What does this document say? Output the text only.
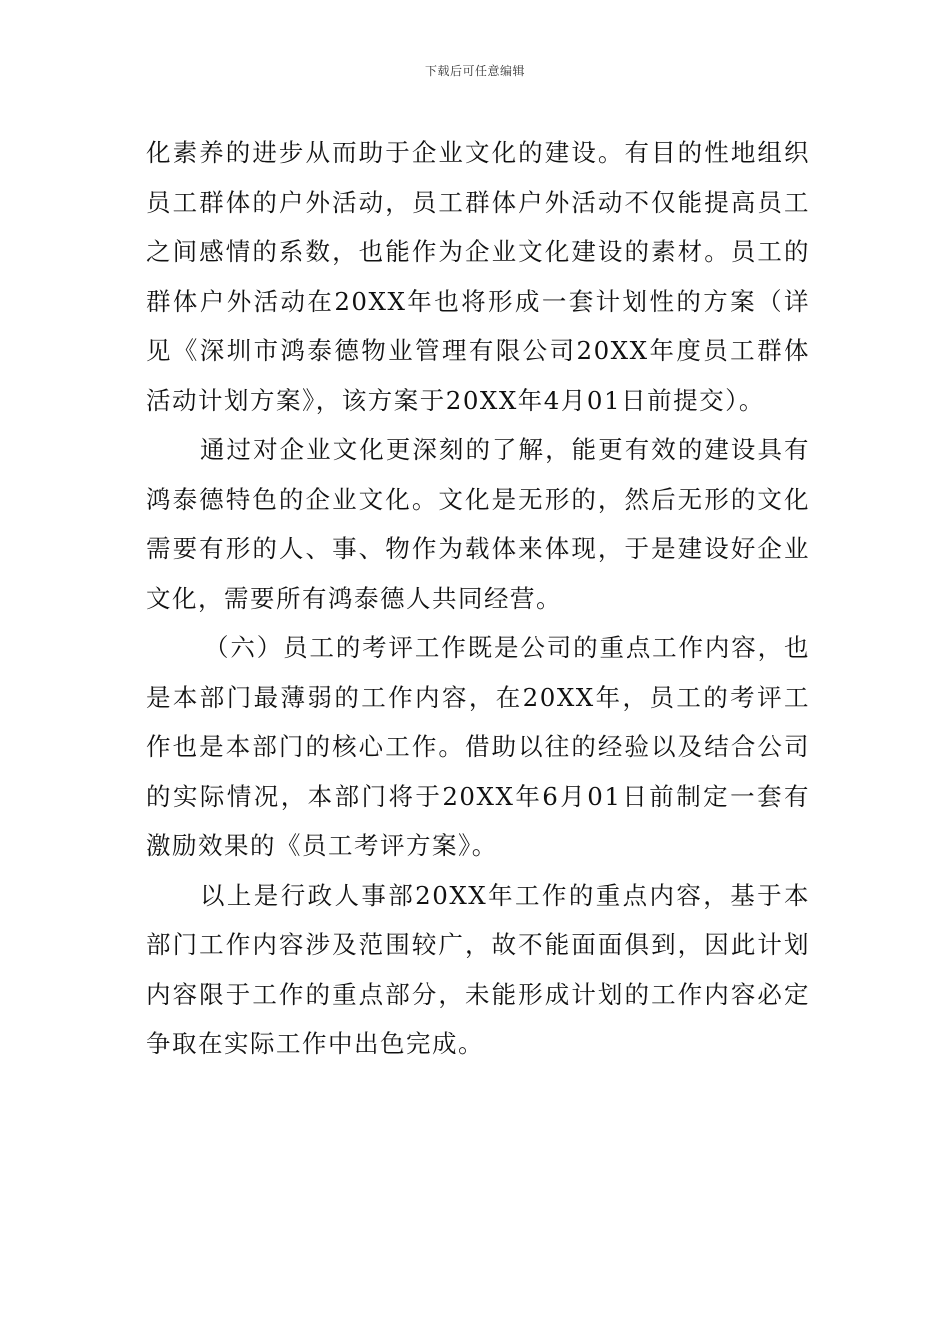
下载后可任意编辑

化素养的进步从而助于企业文化的建设。有目的性地组织员工群体的户外活动，员工群体户外活动不仅能提高员工之间感情的系数，也能作为企业文化建设的素材。员工的群体户外活动在20XX年也将形成一套计划性的方案（详见《深圳市鸿泰德物业管理有限公司20XX年度员工群体活动计划方案》，该方案于20XX年4月01日前提交）。

通过对企业文化更深刻的了解，能更有效的建设具有鸿泰德特色的企业文化。文化是无形的，然后无形的文化需要有形的人、事、物作为载体来体现，于是建设好企业文化，需要所有鸿泰德人共同经营。

（六）员工的考评工作既是公司的重点工作内容，也是本部门最薄弱的工作内容，在20XX年，员工的考评工作也是本部门的核心工作。借助以往的经验以及结合公司的实际情况，本部门将于20XX年6月01日前制定一套有激励效果的《员工考评方案》。

以上是行政人事部20XX年工作的重点内容，基于本部门工作内容涉及范围较广，故不能面面俱到，因此计划内容限于工作的重点部分，未能形成计划的工作内容必定争取在实际工作中出色完成。
